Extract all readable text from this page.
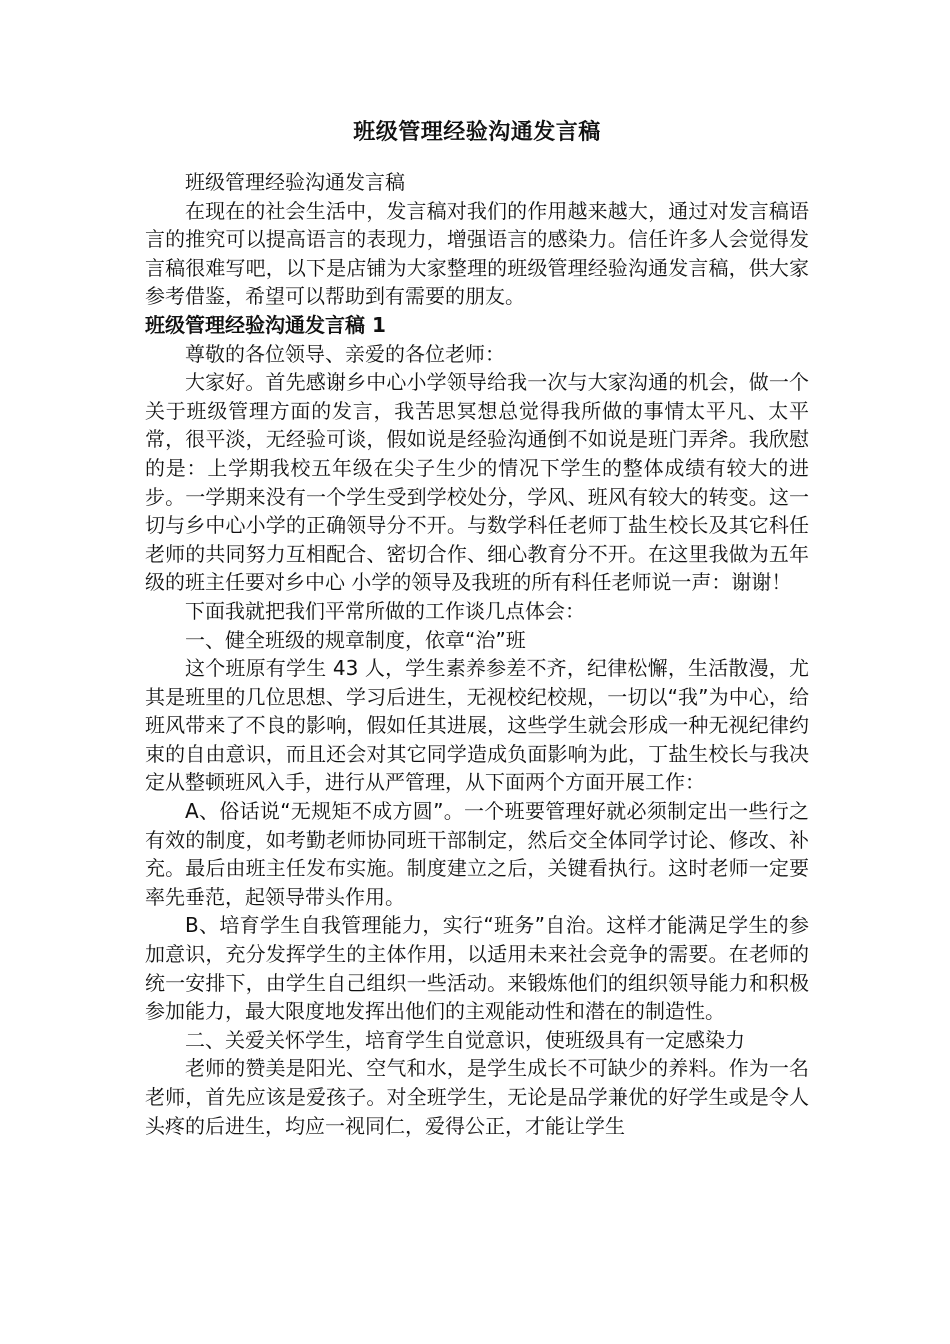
班级管理经验沟通发言稿

班级管理经验沟通发言稿

在现在的社会生活中，发言稿对我们的作用越来越大，通过对发言稿语言的推究可以提高语言的表现力，增强语言的感染力。信任许多人会觉得发言稿很难写吧，以下是店铺为大家整理的班级管理经验沟通发言稿，供大家参考借鉴，希望可以帮助到有需要的朋友。

班级管理经验沟通发言稿 1

尊敬的各位领导、亲爱的各位老师：

大家好。首先感谢乡中心小学领导给我一次与大家沟通的机会，做一个关于班级管理方面的发言，我苦思冥想总觉得我所做的事情太平凡、太平常，很平淡，无经验可谈，假如说是经验沟通倒不如说是班门弄斧。我欣慰的是：上学期我校五年级在尖子生少的情况下学生的整体成绩有较大的进步。一学期来没有一个学生受到学校处分，学风、班风有较大的转变。这一切与乡中心小学的正确领导分不开。与数学科任老师丁盐生校长及其它科任老师的共同努力互相配合、密切合作、细心教育分不开。在这里我做为五年级的班主任要对乡中心 小学的领导及我班的所有科任老师说一声：谢谢！

下面我就把我们平常所做的工作谈几点体会：

一、健全班级的规章制度，依章“治”班

这个班原有学生 43 人，学生素养参差不齐，纪律松懈，生活散漫，尤其是班里的几位思想、学习后进生，无视校纪校规，一切以“我”为中心，给班风带来了不良的影响，假如任其进展，这些学生就会形成一种无视纪律约束的自由意识，而且还会对其它同学造成负面影响为此，丁盐生校长与我决定从整顿班风入手，进行从严管理，从下面两个方面开展工作：

A、俗话说“无规矩不成方圆”。一个班要管理好就必须制定出一些行之有效的制度，如考勤老师协同班干部制定，然后交全体同学讨论、修改、补充。最后由班主任发布实施。制度建立之后，关键看执行。这时老师一定要率先垂范，起领导带头作用。

B、培育学生自我管理能力，实行“班务”自治。这样才能满足学生的参加意识，充分发挥学生的主体作用，以适用未来社会竞争的需要。在老师的统一安排下，由学生自己组织一些活动。来锻炼他们的组织领导能力和积极参加能力，最大限度地发挥出他们的主观能动性和潜在的制造性。

二、关爱关怀学生，培育学生自觉意识，使班级具有一定感染力

老师的赞美是阳光、空气和水，是学生成长不可缺少的养料。作为一名老师，首先应该是爱孩子。对全班学生，无论是品学兼优的好学生或是令人头疼的后进生，均应一视同仁，爱得公正，才能让学生
